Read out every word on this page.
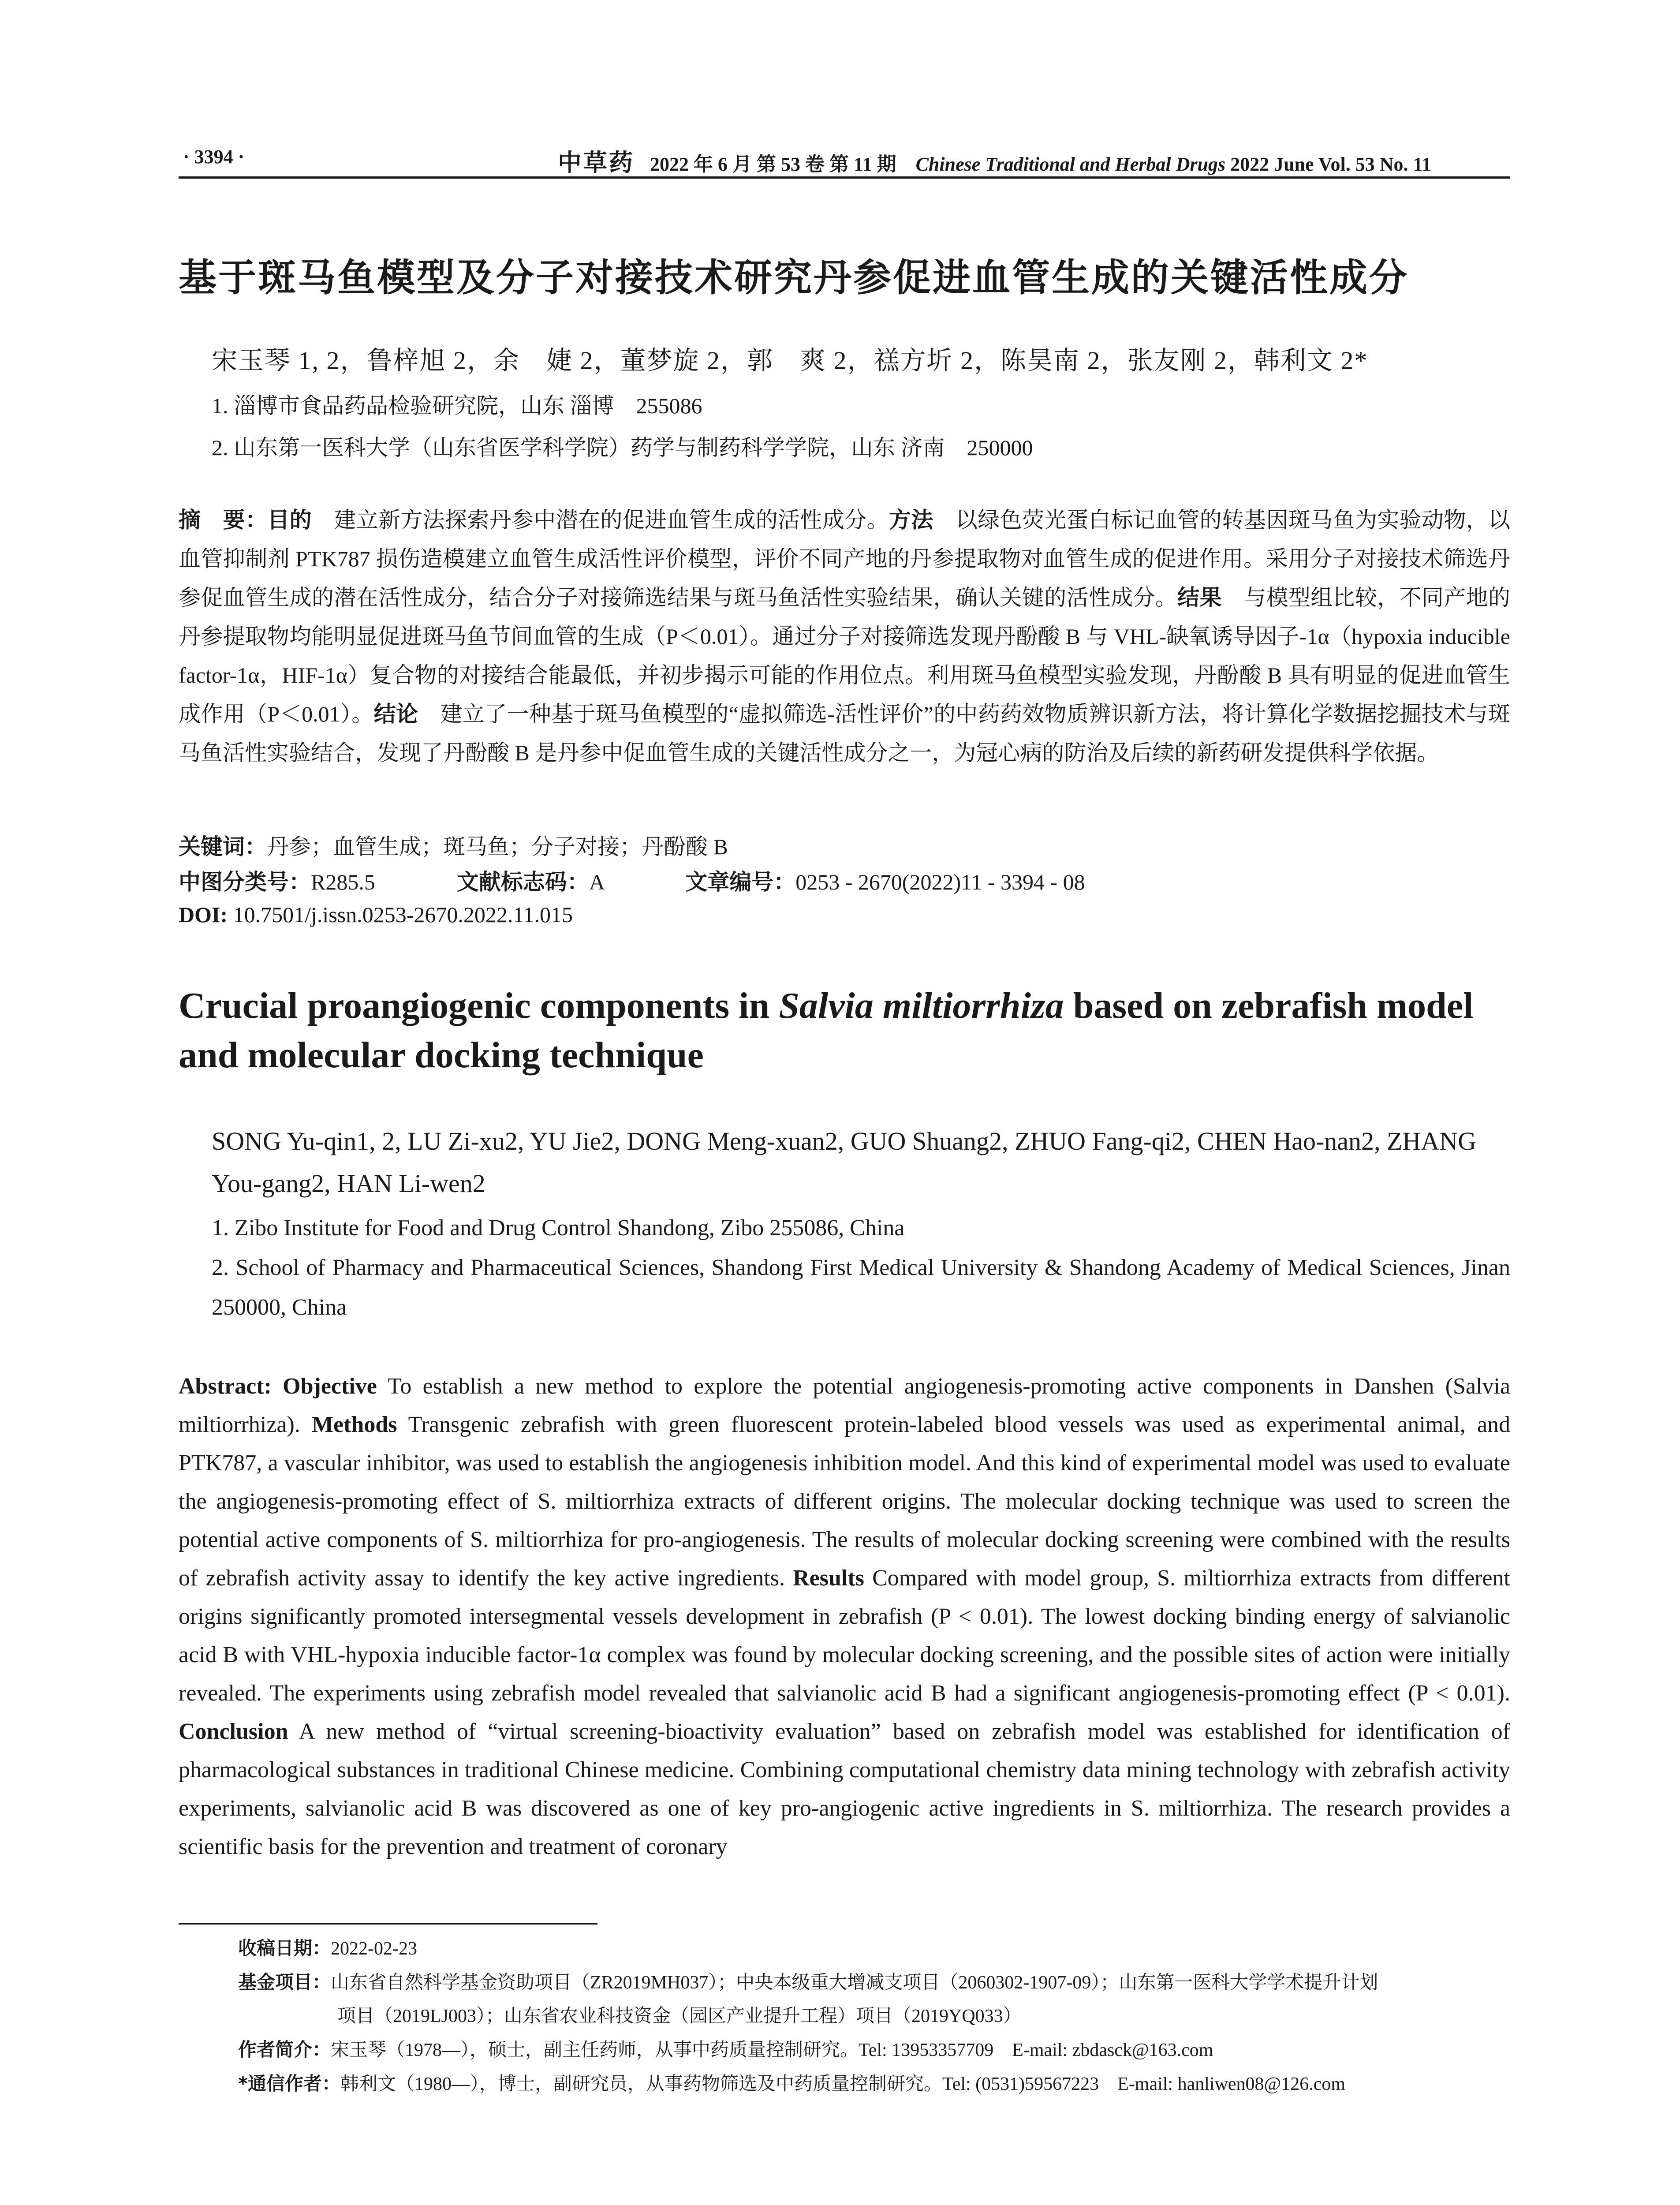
· 3394 ·	中草药 2022 年 6 月 第 53 卷 第 11 期 Chinese Traditional and Herbal Drugs 2022 June Vol. 53 No. 11
基于斑马鱼模型及分子对接技术研究丹参促进血管生成的关键活性成分
宋玉琴 1, 2，鲁梓旭 2，余　婕 2，董梦旋 2，郭　爽 2，禚方圻 2，陈昊南 2，张友刚 2，韩利文 2*
1. 淄博市食品药品检验研究院，山东 淄博　255086
2. 山东第一医科大学（山东省医学科学院）药学与制药科学学院，山东 济南　250000
摘　要：目的　建立新方法探索丹参中潜在的促进血管生成的活性成分。方法　以绿色荧光蛋白标记血管的转基因斑马鱼为实验动物，以血管抑制剂 PTK787 损伤造模建立血管生成活性评价模型，评价不同产地的丹参提取物对血管生成的促进作用。采用分子对接技术筛选丹参促血管生成的潜在活性成分，结合分子对接筛选结果与斑马鱼活性实验结果，确认关键的活性成分。结果　与模型组比较，不同产地的丹参提取物均能明显促进斑马鱼节间血管的生成（P＜0.01）。通过分子对接筛选发现丹酚酸 B 与 VHL-缺氧诱导因子-1α（hypoxia inducible factor-1α，HIF-1α）复合物的对接结合能最低，并初步揭示可能的作用位点。利用斑马鱼模型实验发现，丹酚酸 B 具有明显的促进血管生成作用（P＜0.01）。结论　建立了一种基于斑马鱼模型的“虚拟筛选-活性评价”的中药药效物质辨识新方法，将计算化学数据挖掘技术与斑马鱼活性实验结合，发现了丹酚酸 B 是丹参中促血管生成的关键活性成分之一，为冠心病的防治及后续的新药研发提供科学依据。
关键词：丹参；血管生成；斑马鱼；分子对接；丹酚酸 B
中图分类号：R285.5	文献标志码：A	文章编号：0253 - 2670(2022)11 - 3394 - 08
DOI: 10.7501/j.issn.0253-2670.2022.11.015
Crucial proangiogenic components in Salvia miltiorrhiza based on zebrafish model and molecular docking technique
SONG Yu-qin1, 2, LU Zi-xu2, YU Jie2, DONG Meng-xuan2, GUO Shuang2, ZHUO Fang-qi2, CHEN Hao-nan2, ZHANG You-gang2, HAN Li-wen2
1. Zibo Institute for Food and Drug Control Shandong, Zibo 255086, China
2. School of Pharmacy and Pharmaceutical Sciences, Shandong First Medical University & Shandong Academy of Medical Sciences, Jinan 250000, China
Abstract: Objective To establish a new method to explore the potential angiogenesis-promoting active components in Danshen (Salvia miltiorrhiza). Methods Transgenic zebrafish with green fluorescent protein-labeled blood vessels was used as experimental animal, and PTK787, a vascular inhibitor, was used to establish the angiogenesis inhibition model. And this kind of experimental model was used to evaluate the angiogenesis-promoting effect of S. miltiorrhiza extracts of different origins. The molecular docking technique was used to screen the potential active components of S. miltiorrhiza for pro-angiogenesis. The results of molecular docking screening were combined with the results of zebrafish activity assay to identify the key active ingredients. Results Compared with model group, S. miltiorrhiza extracts from different origins significantly promoted intersegmental vessels development in zebrafish (P < 0.01). The lowest docking binding energy of salvianolic acid B with VHL-hypoxia inducible factor-1α complex was found by molecular docking screening, and the possible sites of action were initially revealed. The experiments using zebrafish model revealed that salvianolic acid B had a significant angiogenesis-promoting effect (P < 0.01). Conclusion A new method of “virtual screening-bioactivity evaluation” based on zebrafish model was established for identification of pharmacological substances in traditional Chinese medicine. Combining computational chemistry data mining technology with zebrafish activity experiments, salvianolic acid B was discovered as one of key pro-angiogenic active ingredients in S. miltiorrhiza. The research provides a scientific basis for the prevention and treatment of coronary
收稿日期：2022-02-23
基金项目：山东省自然科学基金资助项目（ZR2019MH037）；中央本级重大增减支项目（2060302-1907-09）；山东第一医科大学学术提升计划
项目（2019LJ003）；山东省农业科技资金（园区产业提升工程）项目（2019YQ033）
作者简介：宋玉琴（1978—），硕士，副主任药师，从事中药质量控制研究。Tel: 13953357709　E-mail: zbdasck@163.com
*通信作者：韩利文（1980—），博士，副研究员，从事药物筛选及中药质量控制研究。Tel: (0531)59567223　E-mail: hanliwen08@126.com
